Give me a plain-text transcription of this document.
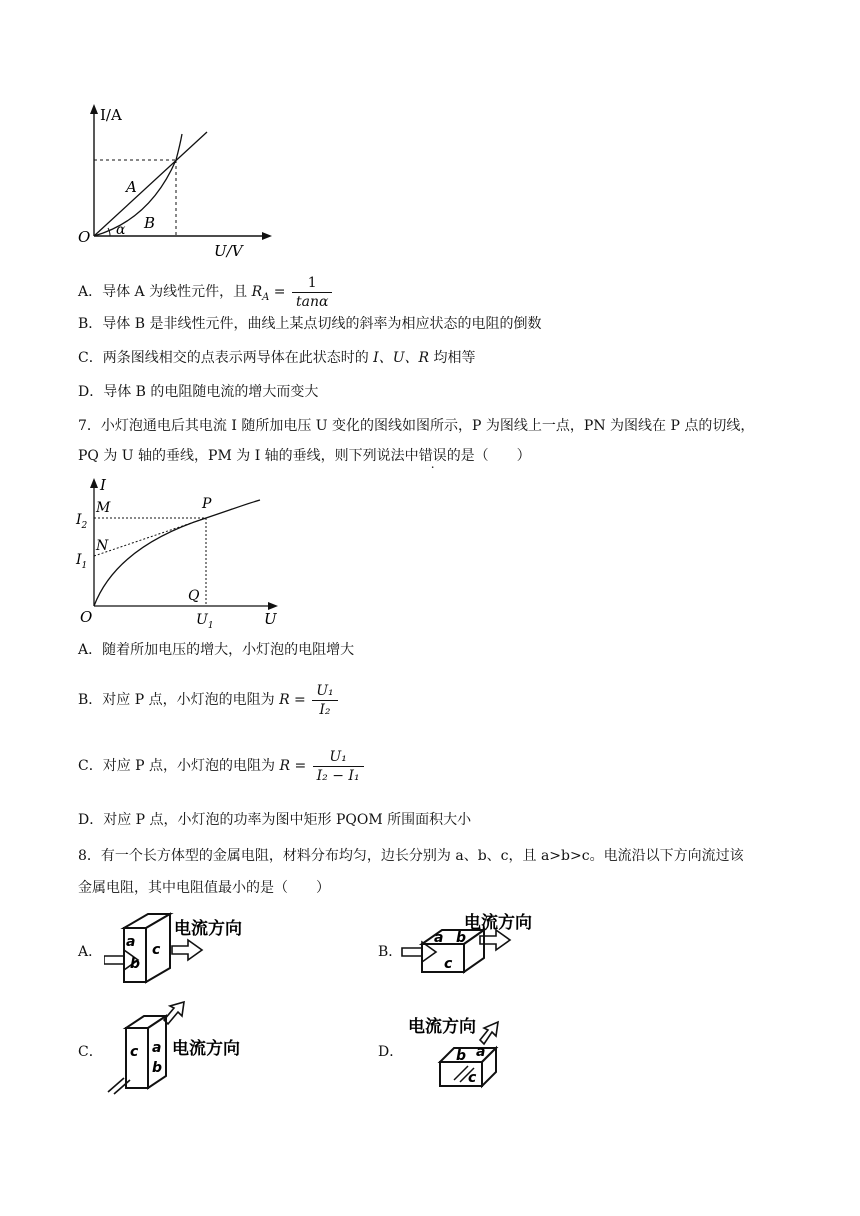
I/A
U/V
O
A
B
α
A．导体 A 为线性元件，且 $R_A = \frac{1}{\tan\alpha}$
B．导体 B 是非线性元件，曲线上某点切线的斜率为相应状态的电阻的倒数
C．两条图线相交的点表示两导体在此状态时的 I、U、R 均相等
D．导体 B 的电阻随电流的增大而变大
7．小灯泡通电后其电流 I 随所加电压 U 变化的图线如图所示，P 为图线上一点，PN 为图线在 P 点的切线，
PQ 为 U 轴的垂线，PM 为 I 轴的垂线，则下列说法中错误的是（　　）
I
U
O
M
N
P
Q
$I_2$
$I_1$
$U_1$
A．随着所加电压的增大，小灯泡的电阻增大
B．对应 P 点，小灯泡的电阻为 $R = \frac{\text{U₁}}{\text{I₂}}$
C．对应 P 点，小灯泡的电阻为 $R = \frac{\text{U₁}}{\text{I₂ − I₁}}$
D．对应 P 点，小灯泡的功率为图中矩形 PQOM 所围面积大小
8．有一个长方体型的金属电阻，材料分布均匀，边长分别为 a、b、c，且 a>b>c。电流沿以下方向流过该
金属电阻，其中电阻值最小的是（　　）
A．
a
b
c
电流方向
B．
a b
c
电流方向
C． c a
b
电流方向	D．	b a
c
电流方向
